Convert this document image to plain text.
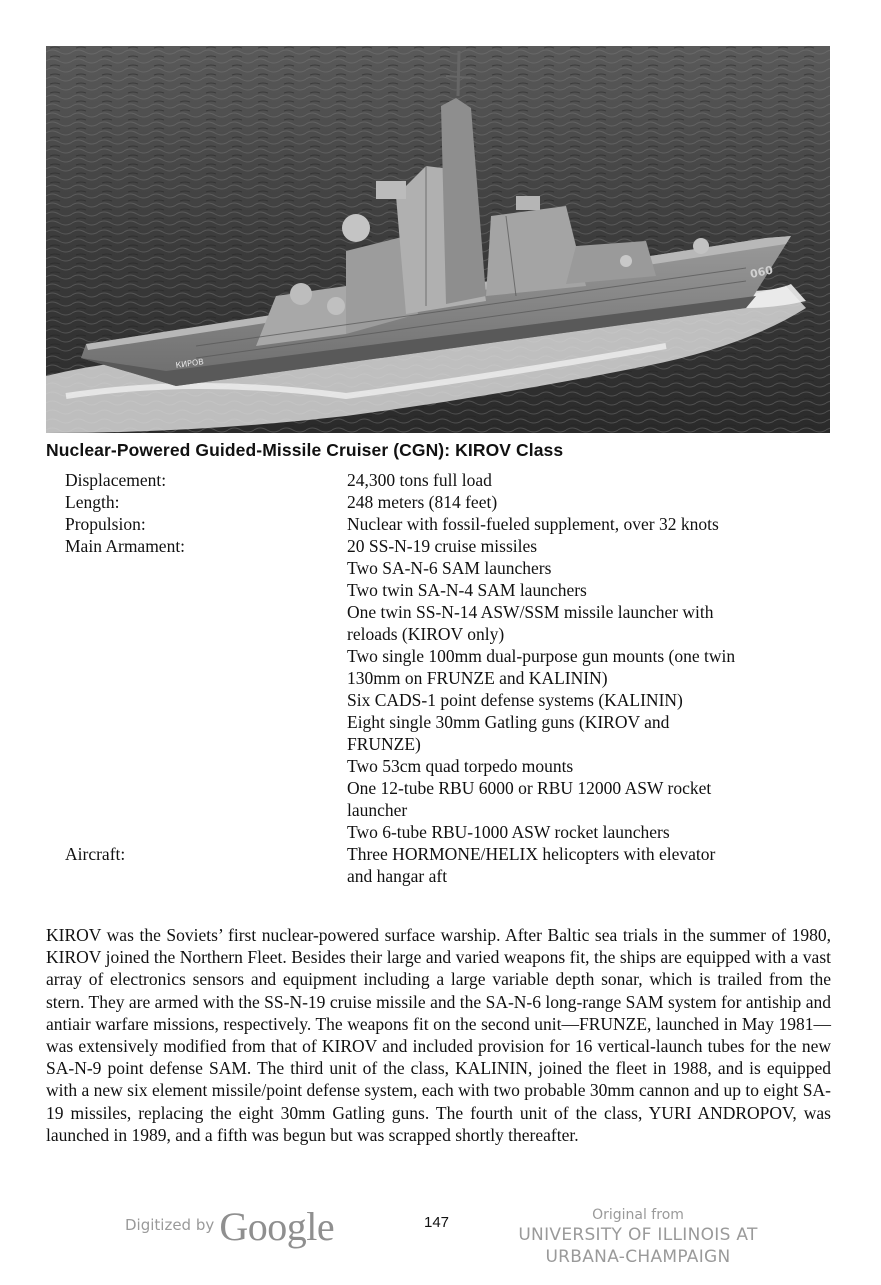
КИРОВ
060
Nuclear-Powered Guided-Missile Cruiser (CGN): KIROV Class
Displacement:	24,300 tons full load
Length:	248 meters (814 feet)
Propulsion:	Nuclear with fossil-fueled supplement, over 32 knots
Main Armament:	20 SS-N-19 cruise missiles
Two SA-N-6 SAM launchers
Two twin SA-N-4 SAM launchers
One twin SS-N-14 ASW/SSM missile launcher with reloads (KIROV only)
Two single 100mm dual-purpose gun mounts (one twin 130mm on FRUNZE and KALININ)
Six CADS-1 point defense systems (KALININ)
Eight single 30mm Gatling guns (KIROV and FRUNZE)
Two 53cm quad torpedo mounts
One 12-tube RBU 6000 or RBU 12000 ASW rocket launcher
Two 6-tube RBU-1000 ASW rocket launchers
Aircraft:	Three HORMONE/HELIX helicopters with elevator and hangar aft
KIROV was the Soviets’ first nuclear-powered surface warship. After Baltic sea trials in the summer of 1980, KIROV joined the Northern Fleet. Besides their large and varied weapons fit, the ships are equipped with a vast array of electronics sensors and equipment including a large variable depth sonar, which is trailed from the stern. They are armed with the SS-N-19 cruise missile and the SA-N-6 long-range SAM system for antiship and antiair warfare missions, respectively. The weapons fit on the second unit—FRUNZE, launched in May 1981—was extensively modified from that of KIROV and included provision for 16 vertical-launch tubes for the new SA-N-9 point defense SAM. The third unit of the class, KALININ, joined the fleet in 1988, and is equipped with a new six element missile/point defense system, each with two probable 30mm cannon and up to eight SA-19 missiles, replacing the eight 30mm Gatling guns. The fourth unit of the class, YURI ANDROPOV, was launched in 1989, and a fifth was begun but was scrapped shortly thereafter.
Digitized by Google	147	Original from
UNIVERSITY OF ILLINOIS AT
URBANA-CHAMPAIGN
